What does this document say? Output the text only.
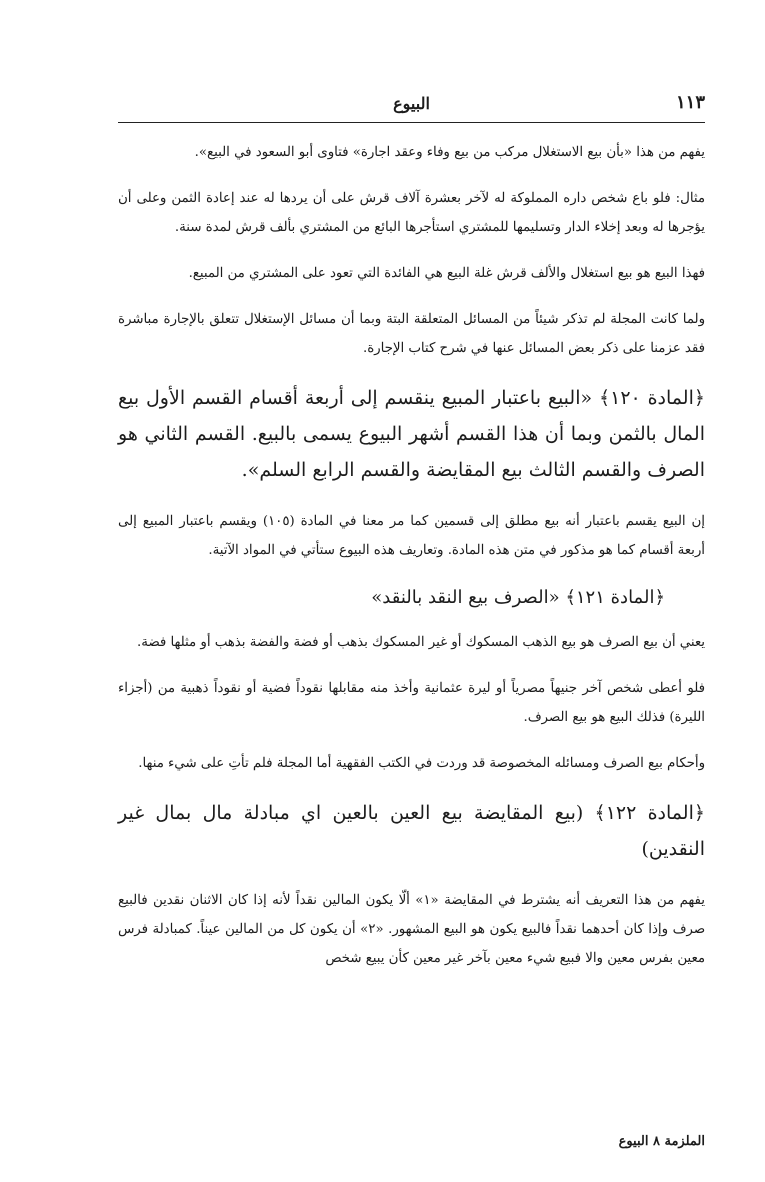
البيوع	١١٣

يفهم من هذا «بأن بيع الاستغلال مركب من بيع وفاء وعقد اجارة» فتاوى أبو السعود في البيع».

مثال: فلو باع شخص داره المملوكة له لآخر بعشرة آلاف قرش على أن يردها له عند إعادة الثمن وعلى أن يؤجرها له وبعد إخلاء الدار وتسليمها للمشتري استأجرها البائع من المشتري بألف قرش لمدة سنة.

فهذا البيع هو بيع استغلال والألف قرش غلة البيع هي الفائدة التي تعود على المشتري من المبيع.

ولما كانت المجلة لم تذكر شيئاً من المسائل المتعلقة البتة وبما أن مسائل الإستغلال تتعلق بالإجارة مباشرة فقد عزمنا على ذكر بعض المسائل عنها في شرح كتاب الإجارة.

﴿المادة ١٢٠﴾ «البيع باعتبار المبيع ينقسم إلى أربعة أقسام القسم الأول بيع المال بالثمن وبما أن هذا القسم أشهر البيوع يسمى بالبيع. القسم الثاني هو الصرف والقسم الثالث بيع المقايضة والقسم الرابع السلم».

إن البيع يقسم باعتبار أنه بيع مطلق إلى قسمين كما مر معنا في المادة (١٠٥) ويقسم باعتبار المبيع إلى أربعة أقسام كما هو مذكور في متن هذه المادة. وتعاريف هذه البيوع ستأتي في المواد الآتية.

﴿المادة ١٢١﴾ «الصرف بيع النقد بالنقد»

يعني أن بيع الصرف هو بيع الذهب المسكوك أو غير المسكوك بذهب أو فضة والفضة بذهب أو مثلها فضة.

فلو أعطى شخص آخر جنيهاً مصرياً أو ليرة عثمانية وأخذ منه مقابلها نقوداً فضية أو نقوداً ذهبية من (أجزاء الليرة) فذلك البيع هو بيع الصرف.

وأحكام بيع الصرف ومسائله المخصوصة قد وردت في الكتب الفقهية أما المجلة فلم تأتِ على شيء منها.

﴿المادة ١٢٢﴾ (بيع المقايضة بيع العين بالعين اي مبادلة مال بمال غير النقدين)

يفهم من هذا التعريف أنه يشترط في المقايضة «١» ألّا يكون المالين نقداً لأنه إذا كان الاثنان نقدين فالبيع صرف وإذا كان أحدهما نقداً فالبيع يكون هو البيع المشهور. «٢» أن يكون كل من المالين عيناً. كمبادلة فرس معين بفرس معين والا فبيع شيء معين بآخر غير معين كأن يبيع شخص

الملزمة ٨ البيوع
